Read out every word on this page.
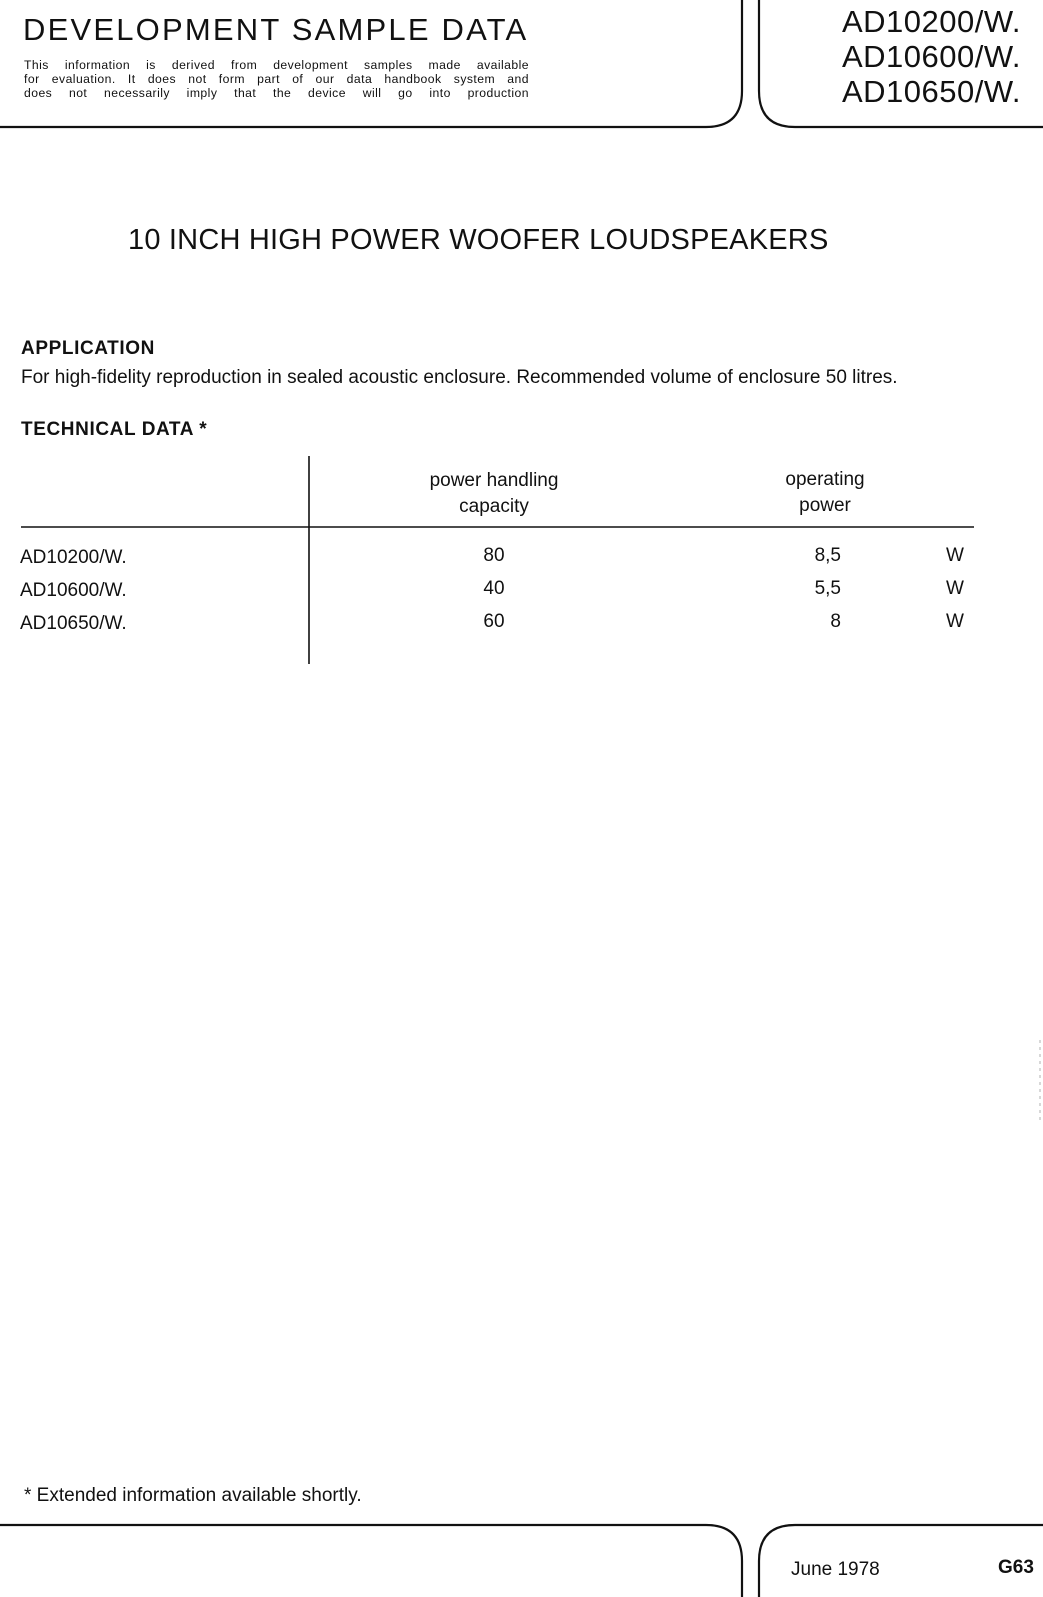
DEVELOPMENT SAMPLE DATA
This information is derived from development samples made available
for evaluation. It does not form part of our data handbook system and
does not necessarily imply that the device will go into production
AD10200/W.
AD10600/W.
AD10650/W.
10 INCH HIGH POWER WOOFER LOUDSPEAKERS
APPLICATION
For high-fidelity reproduction in sealed acoustic enclosure. Recommended volume of enclosure 50 litres.
TECHNICAL DATA *
power handling
capacity
operating
power
AD10200/W.	80	8,5	W
AD10600/W.	40	5,5	W
AD10650/W.	60	8	W
* Extended information available shortly.
June 1978	G63
